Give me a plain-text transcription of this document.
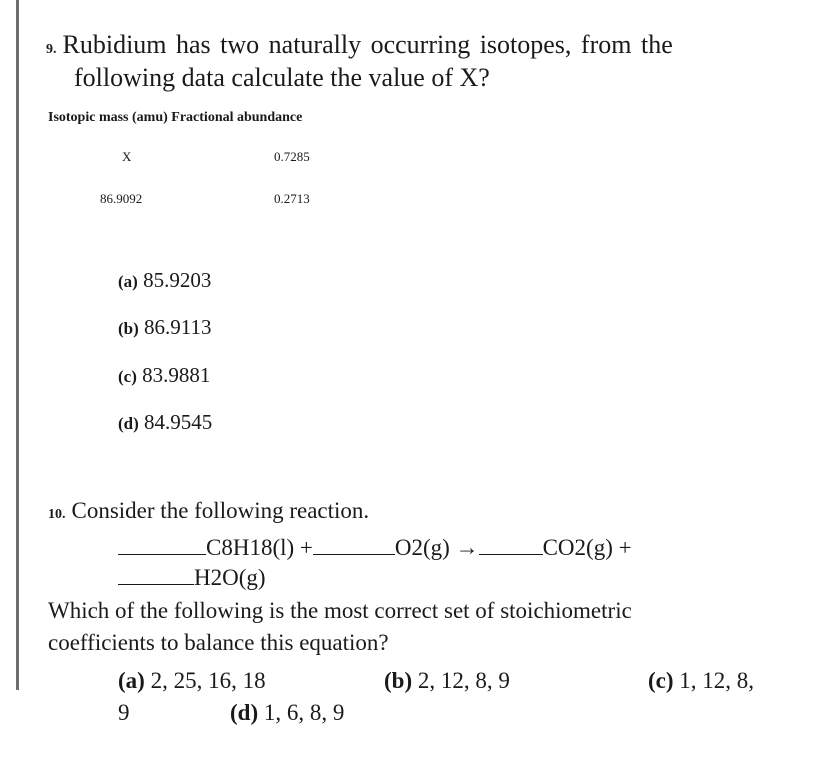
9. Rubidium has two naturally occurring isotopes, from the
following data calculate the value of X?
Isotopic mass (amu) Fractional abundance
X	0.7285
86.9092	0.2713
(a) 85.9203
(b) 86.9113
(c) 83.9881
(d) 84.9545
10. Consider the following reaction.
C8H18(l) +	O2(g) →	CO2(g) +
H2O(g)
Which of the following is the most correct set of stoichiometric
coefficients to balance this equation?
(a) 2, 25, 16, 18	(b) 2, 12, 8, 9	(c) 1, 12, 8,
9	(d) 1, 6, 8, 9
